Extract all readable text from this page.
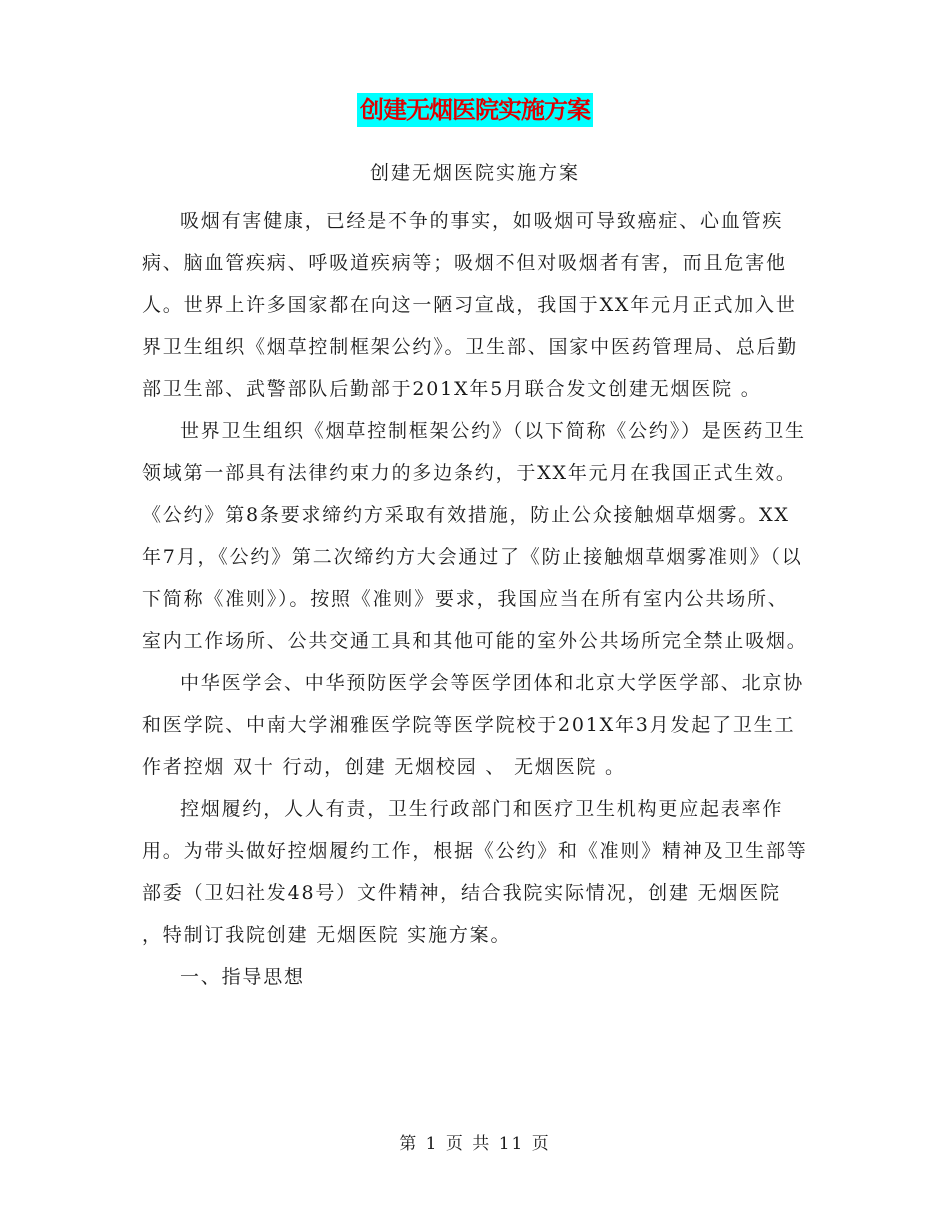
创建无烟医院实施方案
创建无烟医院实施方案

吸烟有害健康，已经是不争的事实，如吸烟可导致癌症、心血管疾病、脑血管疾病、呼吸道疾病等；吸烟不但对吸烟者有害，而且危害他人。世界上许多国家都在向这一陋习宣战，我国于XX年元月正式加入世界卫生组织《烟草控制框架公约》。卫生部、国家中医药管理局、总后勤部卫生部、武警部队后勤部于201X年5月联合发文创建无烟医院 。

世界卫生组织《烟草控制框架公约》（以下简称《公约》）是医药卫生领域第一部具有法律约束力的多边条约，于XX年元月在我国正式生效。《公约》第8条要求缔约方采取有效措施，防止公众接触烟草烟雾。XX年7月，《公约》第二次缔约方大会通过了《防止接触烟草烟雾准则》（以下简称《准则》）。按照《准则》要求，我国应当在所有室内公共场所、室内工作场所、公共交通工具和其他可能的室外公共场所完全禁止吸烟。

中华医学会、中华预防医学会等医学团体和北京大学医学部、北京协和医学院、中南大学湘雅医学院等医学院校于201X年3月发起了卫生工作者控烟 双十 行动，创建 无烟校园 、 无烟医院 。

控烟履约，人人有责，卫生行政部门和医疗卫生机构更应起表率作用。为带头做好控烟履约工作，根据《公约》和《准则》精神及卫生部等部委（卫妇社发48号）文件精神，结合我院实际情况，创建 无烟医院 ，特制订我院创建 无烟医院 实施方案。

一、指导思想

第 1 页 共 11 页
